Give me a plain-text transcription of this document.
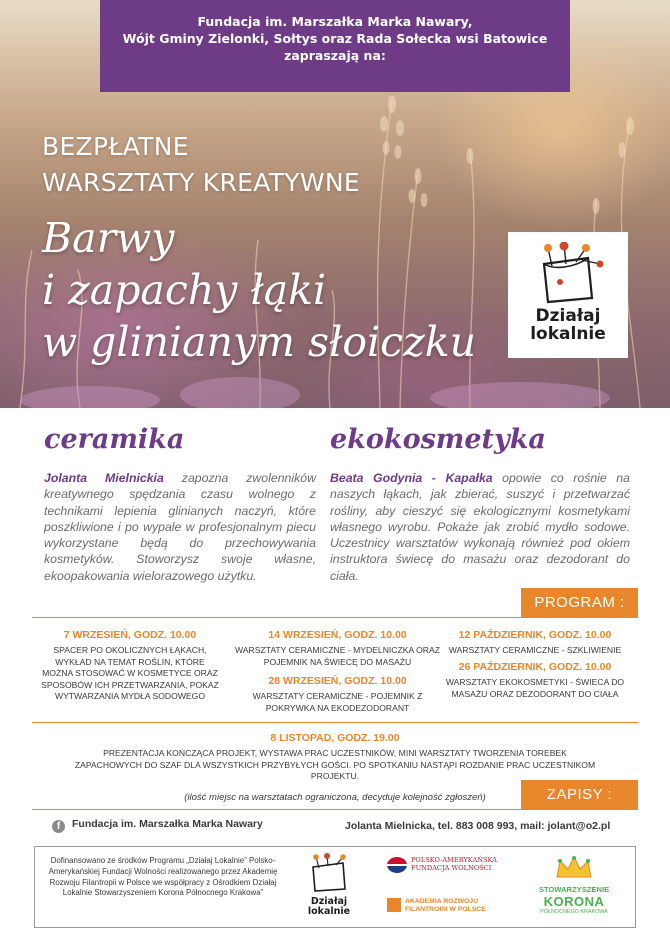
Fundacja im. Marszałka Marka Nawary,
Wójt Gminy Zielonki, Sołtys oraz Rada Sołecka wsi Batowice
zapraszają na:
BEZPŁATNE
WARSZTATY KREATYWNE
Barwy
i zapachy łąki
w glinianym słoiczku
Działaj
lokalnie
ceramika	ekokosmetyka
Jolanta Mielnickia zapozna zwolenników kreatywnego spędzania czasu wolnego z technikami lepienia glinianych naczyń, które poszkliwione i po wypale w profesjonalnym piecu wykorzystane będą do przechowywania kosmetyków. Stoworzysz swoje własne, ekoopakowania wielorazowego użytku.
Beata Godynia - Kapałka opowie co rośnie na naszych łąkach, jak zbierać, suszyć i przetwarzać rośliny, aby cieszyć się ekologicznymi kosmetykami własnego wyrobu. Pokaże jak zrobić mydło sodowe. Uczestnicy warsztatów wykonają również pod okiem instruktora świecę do masażu oraz dezodorant do ciała.
PROGRAM :
7 WRZESIEŃ, GODZ. 10.00
SPACER PO OKOLICZNYCH ŁĄKACH, WYKŁAD NA TEMAT ROŚLIN, KTÓRE MOŻNA STOSOWAĆ W KOSMETYCE ORAZ SPOSOBÓW ICH PRZETWARZANIA, POKAZ WYTWARZANIA MYDŁA SODOWEGO
14 WRZESIEŃ, GODZ. 10.00
WARSZTATY CERAMICZNE - MYDELNICZKA ORAZ POJEMNIK NA ŚWIECĘ DO MASAŻU
28 WRZESIEŃ, GODZ. 10.00
WARSZTATY CERAMICZNE - POJEMNIK Z POKRYWKA NA EKODEZODORANT
12 PAŹDZIERNIK, GODZ. 10.00
WARSZTATY CERAMICZNE - SZKLIWIENIE
26 PAŹDZIERNIK, GODZ. 10.00
WARSZTATY EKOKOSMETYKI - ŚWIECA DO MASAŻU ORAZ DEZODORANT DO CIAŁA
8 LISTOPAD, GODZ. 19.00
PREZENTACJA KOŃCZĄCA PROJEKT, WYSTAWA PRAC UCZESTNIKÓW, MINI WARSZTATY TWORZENIA TOREBEK ZAPACHOWYCH DO SZAF DLA WSZYSTKICH PRZYBYŁYCH GOŚCI. PO SPOTKANIU NASTĄPI ROZDANIE PRAC UCZESTNIKOM PROJEKTU.
ZAPISY :
(ilość miejsc na warsztatach ograniczona, decyduje kolejność zgłoszeń)
f Fundacja im. Marszałka Marka Nawary	Jolanta Mielnicka, tel. 883 008 993, mail: jolant@o2.pl
Dofinansowano ze środków Programu „Działaj Lokalnie” Polsko-Amerykańskiej Fundacji Wolności realizowanego przez Akademię Rozwoju Filantropii w Polsce we współpracy z Ośrodkiem Działaj Lokalnie Stowarzyszeniem Korona Północnego Krakowa”
Działaj
lokalnie
POLSKO-AMERYKAŃSKA
FUNDACJA WOLNOŚCI
AKADEMIA ROZWOJU
FILANTROPII W POLSCE
STOWARZYSZENIE
KORONA
PÓŁNOCNEGO KRAKOWA
